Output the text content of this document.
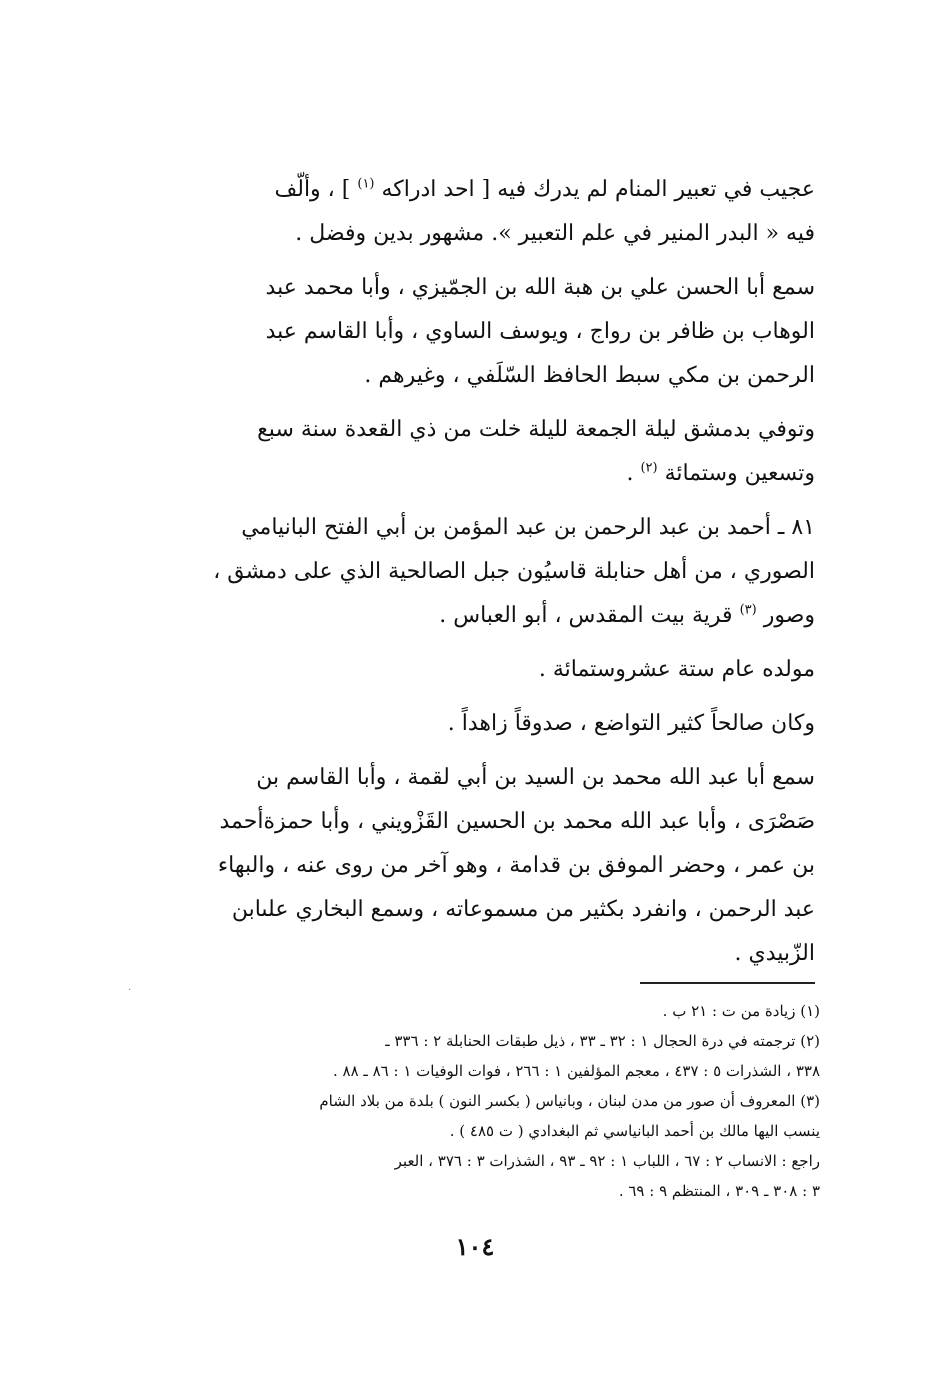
عجيب في تعبير المنام لم يدرك فيه [ احد ادراكه $^{(١)}$ ] ، وألّف
فيه « البدر المنير في علم التعبير ». مشهور بدين وفضل .

سمع أبا الحسن علي بن هبة الله بن الجمّيزي ، وأبا محمد عبد
الوهاب بن ظافر بن رواج ، ويوسف الساوي ، وأبا القاسم عبد
الرحمن بن مكي سبط الحافظ السّلَفي ، وغيرهم .

وتوفي بدمشق ليلة الجمعة لليلة خلت من ذي القعدة سنة سبع
وتسعين وستمائة $^{(٢)}$ .

٨١ ـ أحمد بن عبد الرحمن بن عبد المؤمن بن أبي الفتح البانيامي
الصوري ، من أهل حنابلة قاسيُون جبل الصالحية الذي على دمشق ،
وصور $^{(٣)}$ قرية بيت المقدس ، أبو العباس .

مولده عام ستة عشروستمائة .

وكان صالحاً كثير التواضع ، صدوقاً زاهداً .

سمع أبا عبد الله محمد بن السيد بن أبي لقمة ، وأبا القاسم بن
صَصْرَى ، وأبا عبد الله محمد بن الحسين القَزْويني ، وأبا حمزةأحمد
بن عمر ، وحضر الموفق بن قدامة ، وهو آخر من روى عنه ، والبهاء
عبد الرحمن ، وانفرد بكثير من مسموعاته ، وسمع البخاري علىابن
الزّبيدي .

·
(١) زيادة من ت : ٢١ ب .
(٢) ترجمته في درة الحجال ١ : ٣٢ ـ ٣٣ ، ذيل طبقات الحنابلة ٢ : ٣٣٦ ـ
٣٣٨ ، الشذرات ٥ : ٤٣٧ ، معجم المؤلفين ١ : ٢٦٦ ، فوات الوفيات ١ : ٨٦ ـ ٨٨ .
(٣) المعروف أن صور من مدن لبنان ، وبانياس ( بكسر النون ) بلدة من بلاد الشام
ينسب اليها مالك بن أحمد البانياسي ثم البغدادي ( ت ٤٨٥ ) .
راجع : الانساب ٢ : ٦٧ ، اللباب ١ : ٩٢ ـ ٩٣ ، الشذرات ٣ : ٣٧٦ ، العبر
٣ : ٣٠٨ ـ ٣٠٩ ، المنتظم ٩ : ٦٩ .
١٠٤
